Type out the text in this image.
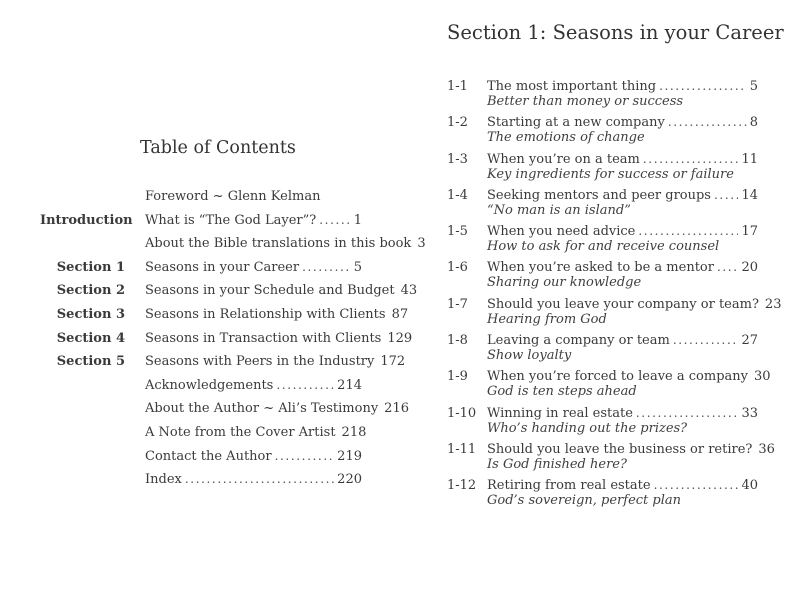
Table of Contents
Foreword ~ Glenn Kelman
Introduction What is “The God Layer”? .....	1
About the Bible translations in this book 3
Section 1 Seasons in your Career .....	5
Section 2 Seasons in your Schedule and Budget 43
Section 3 Seasons in Relationship with Clients 87
Section 4 Seasons in Transaction with Clients 129
Section 5 Seasons with Peers in the Industry 172
Acknowledgements .....	214
About the Author ~ Ali’s Testimony 216
A Note from the Cover Artist 218
Contact the Author .....	219
Index .....	220
Section 1: Seasons in your Career
1-1	The most important thing .....	5
Better than money or success
1-2	Starting at a new company .....	8
The emotions of change
1-3	When you’re on a team .....	11
Key ingredients for success or failure
1-4	Seeking mentors and peer groups ..... 14
“No man is an island”
1-5	When you need advice .....	17
How to ask for and receive counsel
1-6	When you’re asked to be a mentor ..... 20
Sharing our knowledge
1-7	Should you leave your company or team? 23
Hearing from God
1-8	Leaving a company or team .....	27
Show loyalty
1-9	When you’re forced to leave a company 30
God is ten steps ahead
1-10 Winning in real estate .....	33
Who’s handing out the prizes?
1-11 Should you leave the business or retire? 36
Is God finished here?
1-12 Retiring from real estate .....	40
God’s sovereign, perfect plan
